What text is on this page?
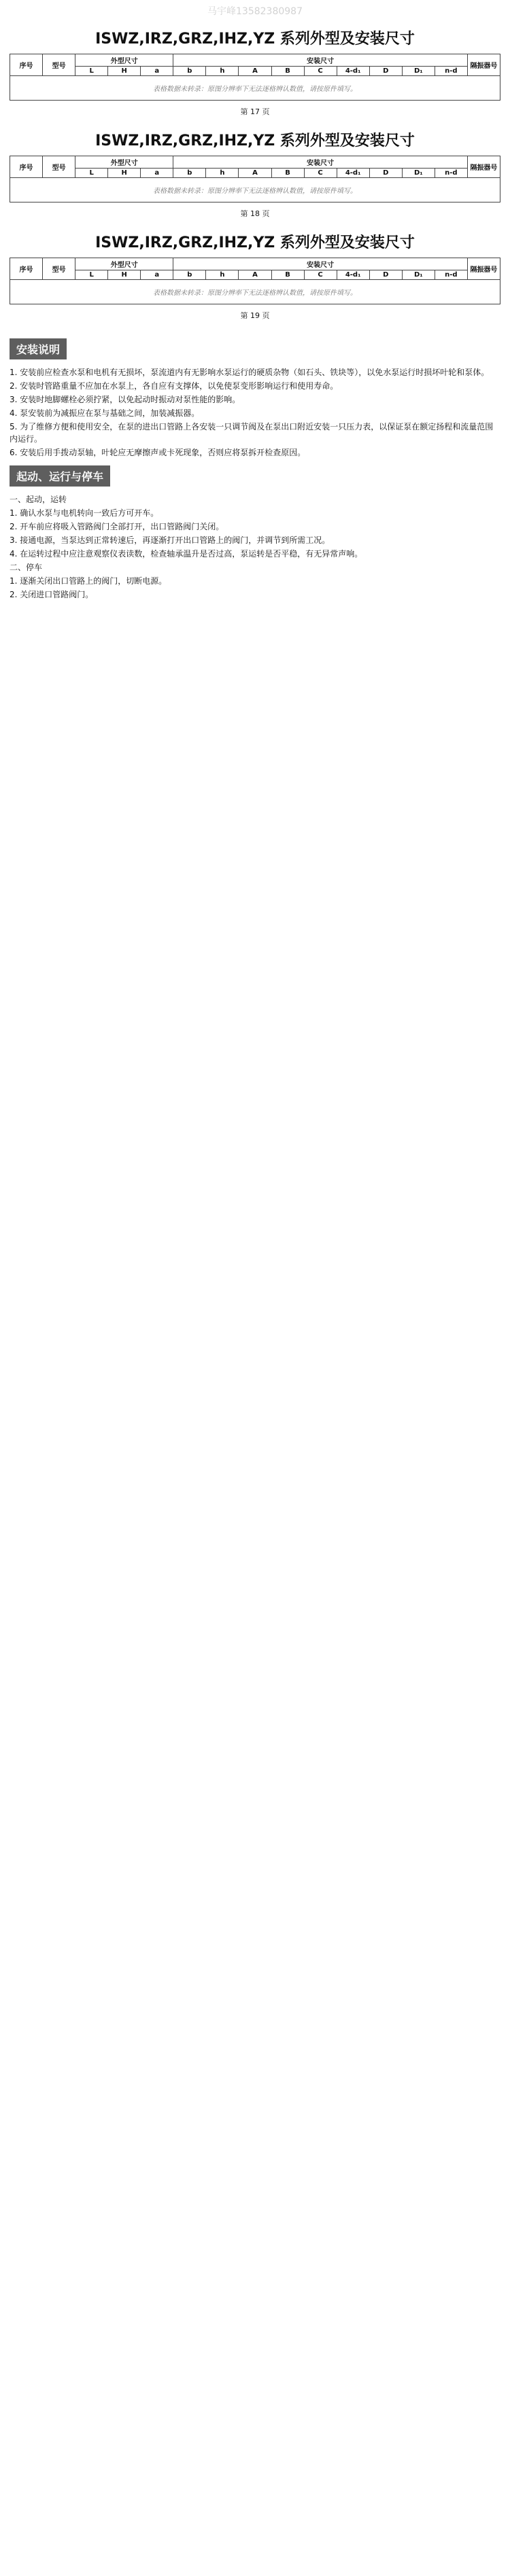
马宇峰13582380987
ISWZ,IRZ,GRZ,IHZ,YZ 系列外型及安装尺寸
序号	型号	外型尺寸			安装尺寸									隔振器号
		L	H	a	b	h	A	B	C	4-d₁	D	D₁	n-d	
表格数据未转录：原图分辨率下无法逐格辨认数值，请按原件填写。														
第 17 页
ISWZ,IRZ,GRZ,IHZ,YZ 系列外型及安装尺寸
序号	型号	外型尺寸			安装尺寸									隔振器号
		L	H	a	b	h	A	B	C	4-d₁	D	D₁	n-d	
表格数据未转录：原图分辨率下无法逐格辨认数值，请按原件填写。														
第 18 页
ISWZ,IRZ,GRZ,IHZ,YZ 系列外型及安装尺寸
序号	型号	外型尺寸			安装尺寸									隔振器号
		L	H	a	b	h	A	B	C	4-d₁	D	D₁	n-d	
表格数据未转录：原图分辨率下无法逐格辨认数值，请按原件填写。														
第 19 页
安装说明

1. 安装前应检查水泵和电机有无损坏，泵流道内有无影响水泵运行的硬质杂物（如石头、铁块等），以免水泵运行时损坏叶轮和泵体。

2. 安装时管路重量不应加在水泵上，各自应有支撑体，以免使泵变形影响运行和使用寿命。

3. 安装时地脚螺栓必须拧紧，以免起动时振动对泵性能的影响。

4. 泵安装前为减振应在泵与基础之间，加装减振器。

5. 为了维修方便和使用安全，在泵的进出口管路上各安装一只调节阀及在泵出口附近安装一只压力表，以保证泵在额定扬程和流量范围内运行。

6. 安装后用手拨动泵轴，叶轮应无摩擦声或卡死现象，否则应将泵拆开检查原因。

起动、运行与停车

一、起动，运转

1. 确认水泵与电机转向一致后方可开车。

2. 开车前应将吸入管路阀门全部打开，出口管路阀门关闭。

3. 接通电源，当泵达到正常转速后，再逐渐打开出口管路上的阀门，并调节到所需工况。

4. 在运转过程中应注意观察仪表读数，检查轴承温升是否过高，泵运转是否平稳，有无异常声响。

二、停车

1. 逐渐关闭出口管路上的阀门，切断电源。

2. 关闭进口管路阀门。
